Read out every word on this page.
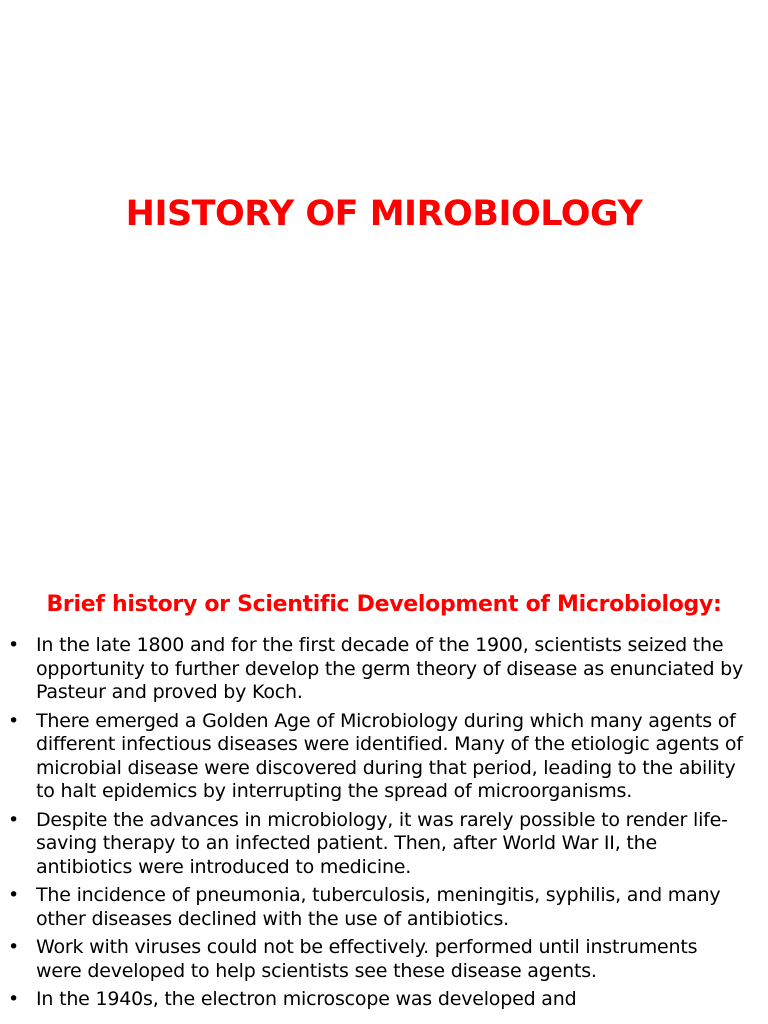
HISTORY OF MIROBIOLOGY
Brief history or Scientific Development of Microbiology:
• In the late 1800 and for the first decade of the 1900, scientists seized the opportunity to further develop the germ theory of disease as enunciated by Pasteur and proved by Koch.
• There emerged a Golden Age of Microbiology during which many agents of different infectious diseases were identified. Many of the etiologic agents of microbial disease were discovered during that period, leading to the ability to halt epidemics by interrupting the spread of microorganisms.
• Despite the advances in microbiology, it was rarely possible to render life-saving therapy to an infected patient. Then, after World War II, the antibiotics were introduced to medicine.
• The incidence of pneumonia, tuberculosis, meningitis, syphilis, and many other diseases declined with the use of antibiotics.
• Work with viruses could not be effectively. performed until instruments were developed to help scientists see these disease agents.
• In the 1940s, the electron microscope was developed and
